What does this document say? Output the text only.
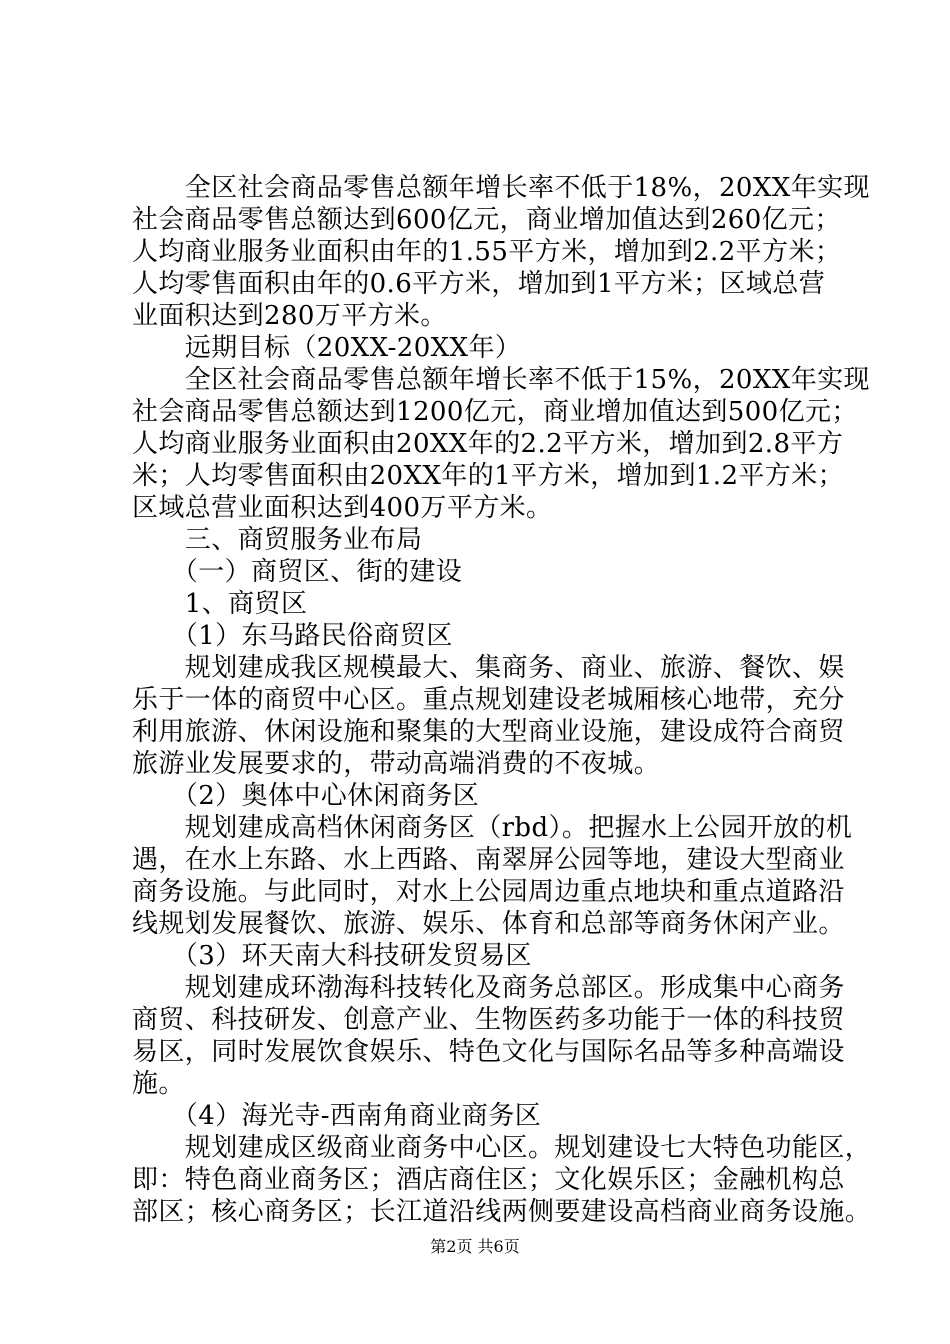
　　全区社会商品零售总额年增长率不低于18%，20XX年实现
社会商品零售总额达到600亿元，商业增加值达到260亿元；
人均商业服务业面积由年的1.55平方米，增加到2.2平方米；
人均零售面积由年的0.6平方米，增加到1平方米；区域总营
业面积达到280万平方米。
　　远期目标（20XX-20XX年）
　　全区社会商品零售总额年增长率不低于15%，20XX年实现
社会商品零售总额达到1200亿元，商业增加值达到500亿元；
人均商业服务业面积由20XX年的2.2平方米，增加到2.8平方
米；人均零售面积由20XX年的1平方米，增加到1.2平方米；
区域总营业面积达到400万平方米。
　　三、商贸服务业布局
　　（一）商贸区、街的建设
　　1、商贸区
　　（1）东马路民俗商贸区
　　规划建成我区规模最大、集商务、商业、旅游、餐饮、娱
乐于一体的商贸中心区。重点规划建设老城厢核心地带，充分
利用旅游、休闲设施和聚集的大型商业设施，建设成符合商贸
旅游业发展要求的，带动高端消费的不夜城。
　　（2）奥体中心休闲商务区
　　规划建成高档休闲商务区（rbd）。把握水上公园开放的机
遇，在水上东路、水上西路、南翠屏公园等地，建设大型商业
商务设施。与此同时，对水上公园周边重点地块和重点道路沿
线规划发展餐饮、旅游、娱乐、体育和总部等商务休闲产业。
　　（3）环天南大科技研发贸易区
　　规划建成环渤海科技转化及商务总部区。形成集中心商务
商贸、科技研发、创意产业、生物医药多功能于一体的科技贸
易区，同时发展饮食娱乐、特色文化与国际名品等多种高端设
施。
　　（4）海光寺-西南角商业商务区
　　规划建成区级商业商务中心区。规划建设七大特色功能区，
即：特色商业商务区；酒店商住区；文化娱乐区；金融机构总
部区；核心商务区；长江道沿线两侧要建设高档商业商务设施。
第2页 共6页
